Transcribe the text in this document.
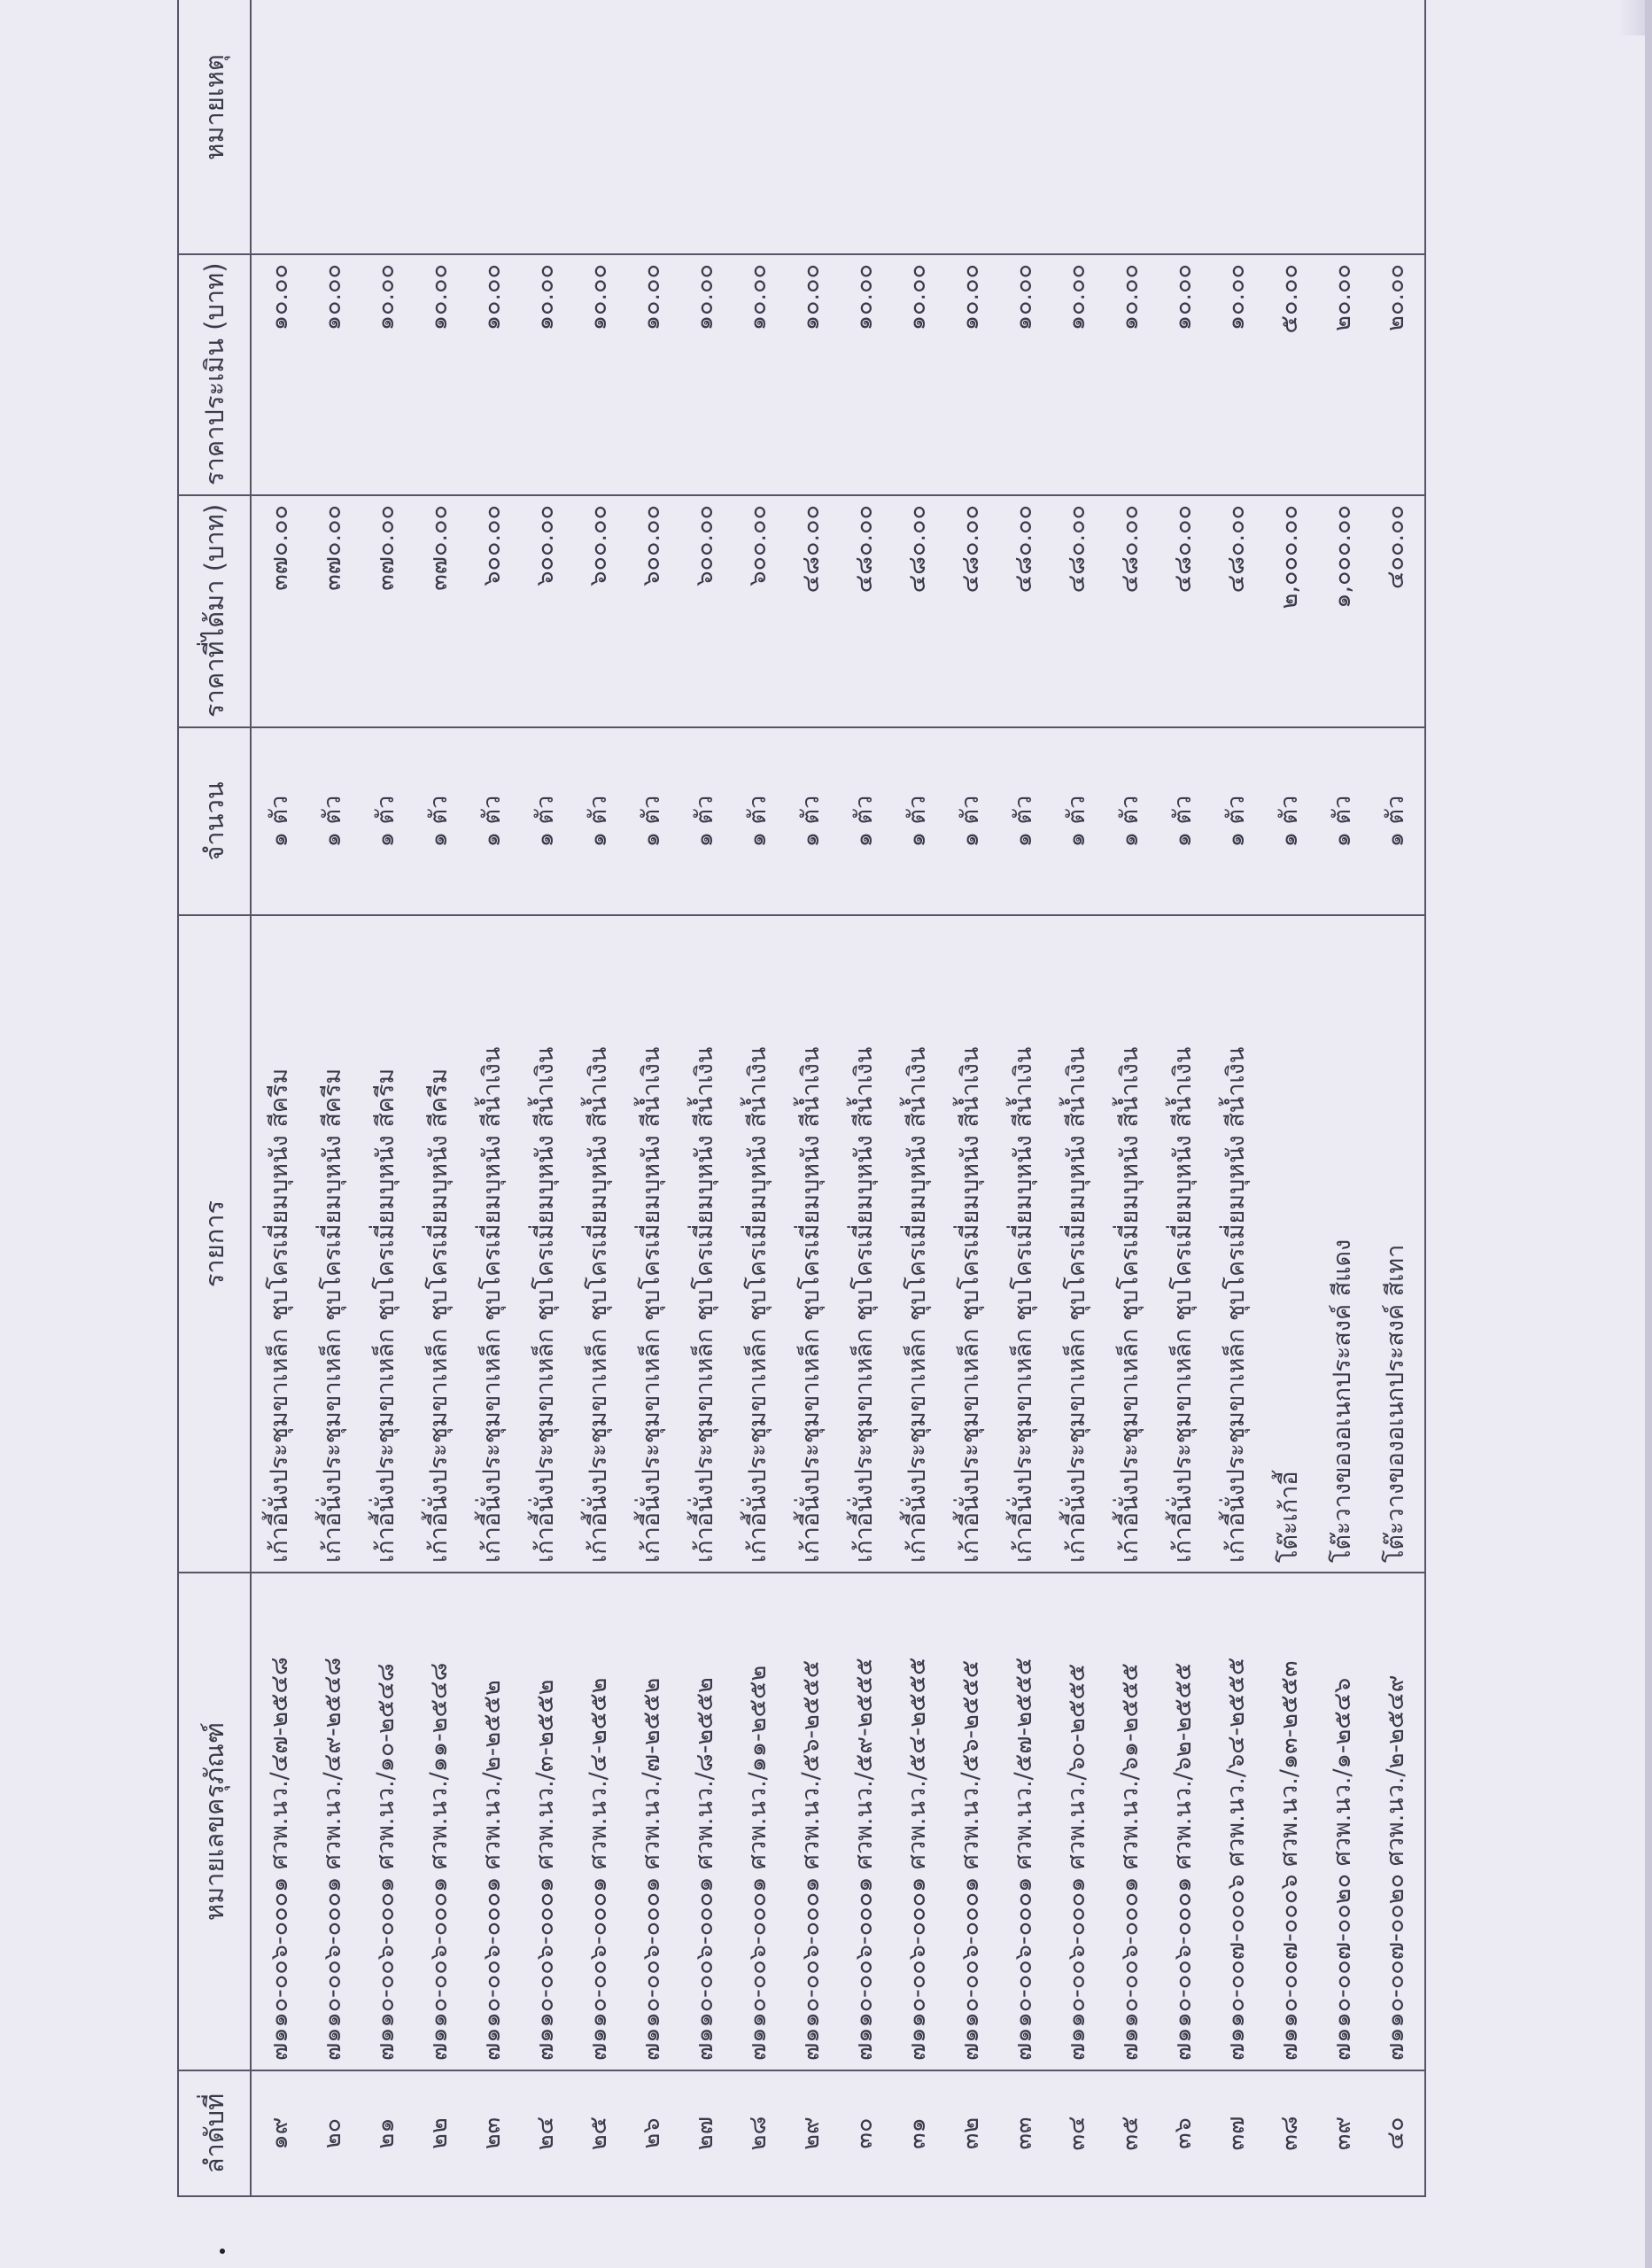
ลำดับที่	หมายเลขครุภัณฑ์	รายการ	จำนวน	ราคาที่ได้มา (บาท)	ราคาประเมิน (บาท)	หมายเหตุ
๑๙	๗๑๑๐-๐๐๖-๐๐๐๑ ศวพ.นว./๔๗-๒๕๔๘	เก้าอี้นั่งประชุมขาเหล็ก ชุบโครเมี่ยมบุหนัง สีครีม	๑ ตัว	๓๗๐.๐๐	๑๐.๐๐	
๒๐	๗๑๑๐-๐๐๖-๐๐๐๑ ศวพ.นว./๔๙-๒๕๔๘	เก้าอี้นั่งประชุมขาเหล็ก ชุบโครเมี่ยมบุหนัง สีครีม	๑ ตัว	๓๗๐.๐๐	๑๐.๐๐	
๒๑	๗๑๑๐-๐๐๖-๐๐๐๑ ศวพ.นว./๑๐-๒๕๔๘	เก้าอี้นั่งประชุมขาเหล็ก ชุบโครเมี่ยมบุหนัง สีครีม	๑ ตัว	๓๗๐.๐๐	๑๐.๐๐	
๒๒	๗๑๑๐-๐๐๖-๐๐๐๑ ศวพ.นว./๑๑-๒๕๔๘	เก้าอี้นั่งประชุมขาเหล็ก ชุบโครเมี่ยมบุหนัง สีครีม	๑ ตัว	๓๗๐.๐๐	๑๐.๐๐	
๒๓	๗๑๑๐-๐๐๖-๐๐๐๑ ศวพ.นว./๒-๒๕๕๒	เก้าอี้นั่งประชุมขาเหล็ก ชุบโครเมี่ยมบุหนัง สีน้ำเงิน	๑ ตัว	๖๐๐.๐๐	๑๐.๐๐	
๒๔	๗๑๑๐-๐๐๖-๐๐๐๑ ศวพ.นว./๓-๒๕๕๒	เก้าอี้นั่งประชุมขาเหล็ก ชุบโครเมี่ยมบุหนัง สีน้ำเงิน	๑ ตัว	๖๐๐.๐๐	๑๐.๐๐	
๒๕	๗๑๑๐-๐๐๖-๐๐๐๑ ศวพ.นว./๔-๒๕๕๒	เก้าอี้นั่งประชุมขาเหล็ก ชุบโครเมี่ยมบุหนัง สีน้ำเงิน	๑ ตัว	๖๐๐.๐๐	๑๐.๐๐	
๒๖	๗๑๑๐-๐๐๖-๐๐๐๑ ศวพ.นว./๗-๒๕๕๒	เก้าอี้นั่งประชุมขาเหล็ก ชุบโครเมี่ยมบุหนัง สีน้ำเงิน	๑ ตัว	๖๐๐.๐๐	๑๐.๐๐	
๒๗	๗๑๑๐-๐๐๖-๐๐๐๑ ศวพ.นว./๘-๒๕๕๒	เก้าอี้นั่งประชุมขาเหล็ก ชุบโครเมี่ยมบุหนัง สีน้ำเงิน	๑ ตัว	๖๐๐.๐๐	๑๐.๐๐	
๒๘	๗๑๑๐-๐๐๖-๐๐๐๑ ศวพ.นว./๑๑-๒๕๕๒	เก้าอี้นั่งประชุมขาเหล็ก ชุบโครเมี่ยมบุหนัง สีน้ำเงิน	๑ ตัว	๖๐๐.๐๐	๑๐.๐๐	
๒๙	๗๑๑๐-๐๐๖-๐๐๐๑ ศวพ.นว./๕๖-๒๕๕๕	เก้าอี้นั่งประชุมขาเหล็ก ชุบโครเมี่ยมบุหนัง สีน้ำเงิน	๑ ตัว	๔๘๐.๐๐	๑๐.๐๐	
๓๐	๗๑๑๐-๐๐๖-๐๐๐๑ ศวพ.นว./๕๙-๒๕๕๕	เก้าอี้นั่งประชุมขาเหล็ก ชุบโครเมี่ยมบุหนัง สีน้ำเงิน	๑ ตัว	๔๘๐.๐๐	๑๐.๐๐	
๓๑	๗๑๑๐-๐๐๖-๐๐๐๑ ศวพ.นว./๕๔-๒๕๕๕	เก้าอี้นั่งประชุมขาเหล็ก ชุบโครเมี่ยมบุหนัง สีน้ำเงิน	๑ ตัว	๔๘๐.๐๐	๑๐.๐๐	
๓๒	๗๑๑๐-๐๐๖-๐๐๐๑ ศวพ.นว./๕๖-๒๕๕๕	เก้าอี้นั่งประชุมขาเหล็ก ชุบโครเมี่ยมบุหนัง สีน้ำเงิน	๑ ตัว	๔๘๐.๐๐	๑๐.๐๐	
๓๓	๗๑๑๐-๐๐๖-๐๐๐๑ ศวพ.นว./๕๗-๒๕๕๕	เก้าอี้นั่งประชุมขาเหล็ก ชุบโครเมี่ยมบุหนัง สีน้ำเงิน	๑ ตัว	๔๘๐.๐๐	๑๐.๐๐	
๓๔	๗๑๑๐-๐๐๖-๐๐๐๑ ศวพ.นว./๖๐-๒๕๕๕	เก้าอี้นั่งประชุมขาเหล็ก ชุบโครเมี่ยมบุหนัง สีน้ำเงิน	๑ ตัว	๔๘๐.๐๐	๑๐.๐๐	
๓๕	๗๑๑๐-๐๐๖-๐๐๐๑ ศวพ.นว./๖๑-๒๕๕๕	เก้าอี้นั่งประชุมขาเหล็ก ชุบโครเมี่ยมบุหนัง สีน้ำเงิน	๑ ตัว	๔๘๐.๐๐	๑๐.๐๐	
๓๖	๗๑๑๐-๐๐๖-๐๐๐๑ ศวพ.นว./๖๒-๒๕๕๕	เก้าอี้นั่งประชุมขาเหล็ก ชุบโครเมี่ยมบุหนัง สีน้ำเงิน	๑ ตัว	๔๘๐.๐๐	๑๐.๐๐	
๓๗	๗๑๑๐-๐๐๗-๐๐๐๖ ศวพ.นว./๖๔-๒๕๕๕	เก้าอี้นั่งประชุมขาเหล็ก ชุบโครเมี่ยมบุหนัง สีน้ำเงิน	๑ ตัว	๔๘๐.๐๐	๑๐.๐๐	
๓๘	๗๑๑๐-๐๐๗-๐๐๐๖ ศวพ.นว./๑๓-๒๕๕๓	โต๊ะเก้าอี้	๑ ตัว	๒,๐๐๐.๐๐	๕๐.๐๐	
๓๙	๗๑๑๐-๐๐๗-๐๐๒๐ ศวพ.นว./๑-๒๕๔๖	โต๊ะวางของอเนกประสงค์ สีแดง	๑ ตัว	๑,๐๐๐.๐๐	๒๐.๐๐	
๔๐	๗๑๑๐-๐๐๗-๐๐๒๐ ศวพ.นว./๒-๒๕๔๙	โต๊ะวางของอเนกประสงค์ สีเทา	๑ ตัว	๔๐๐.๐๐	๒๐.๐๐	
